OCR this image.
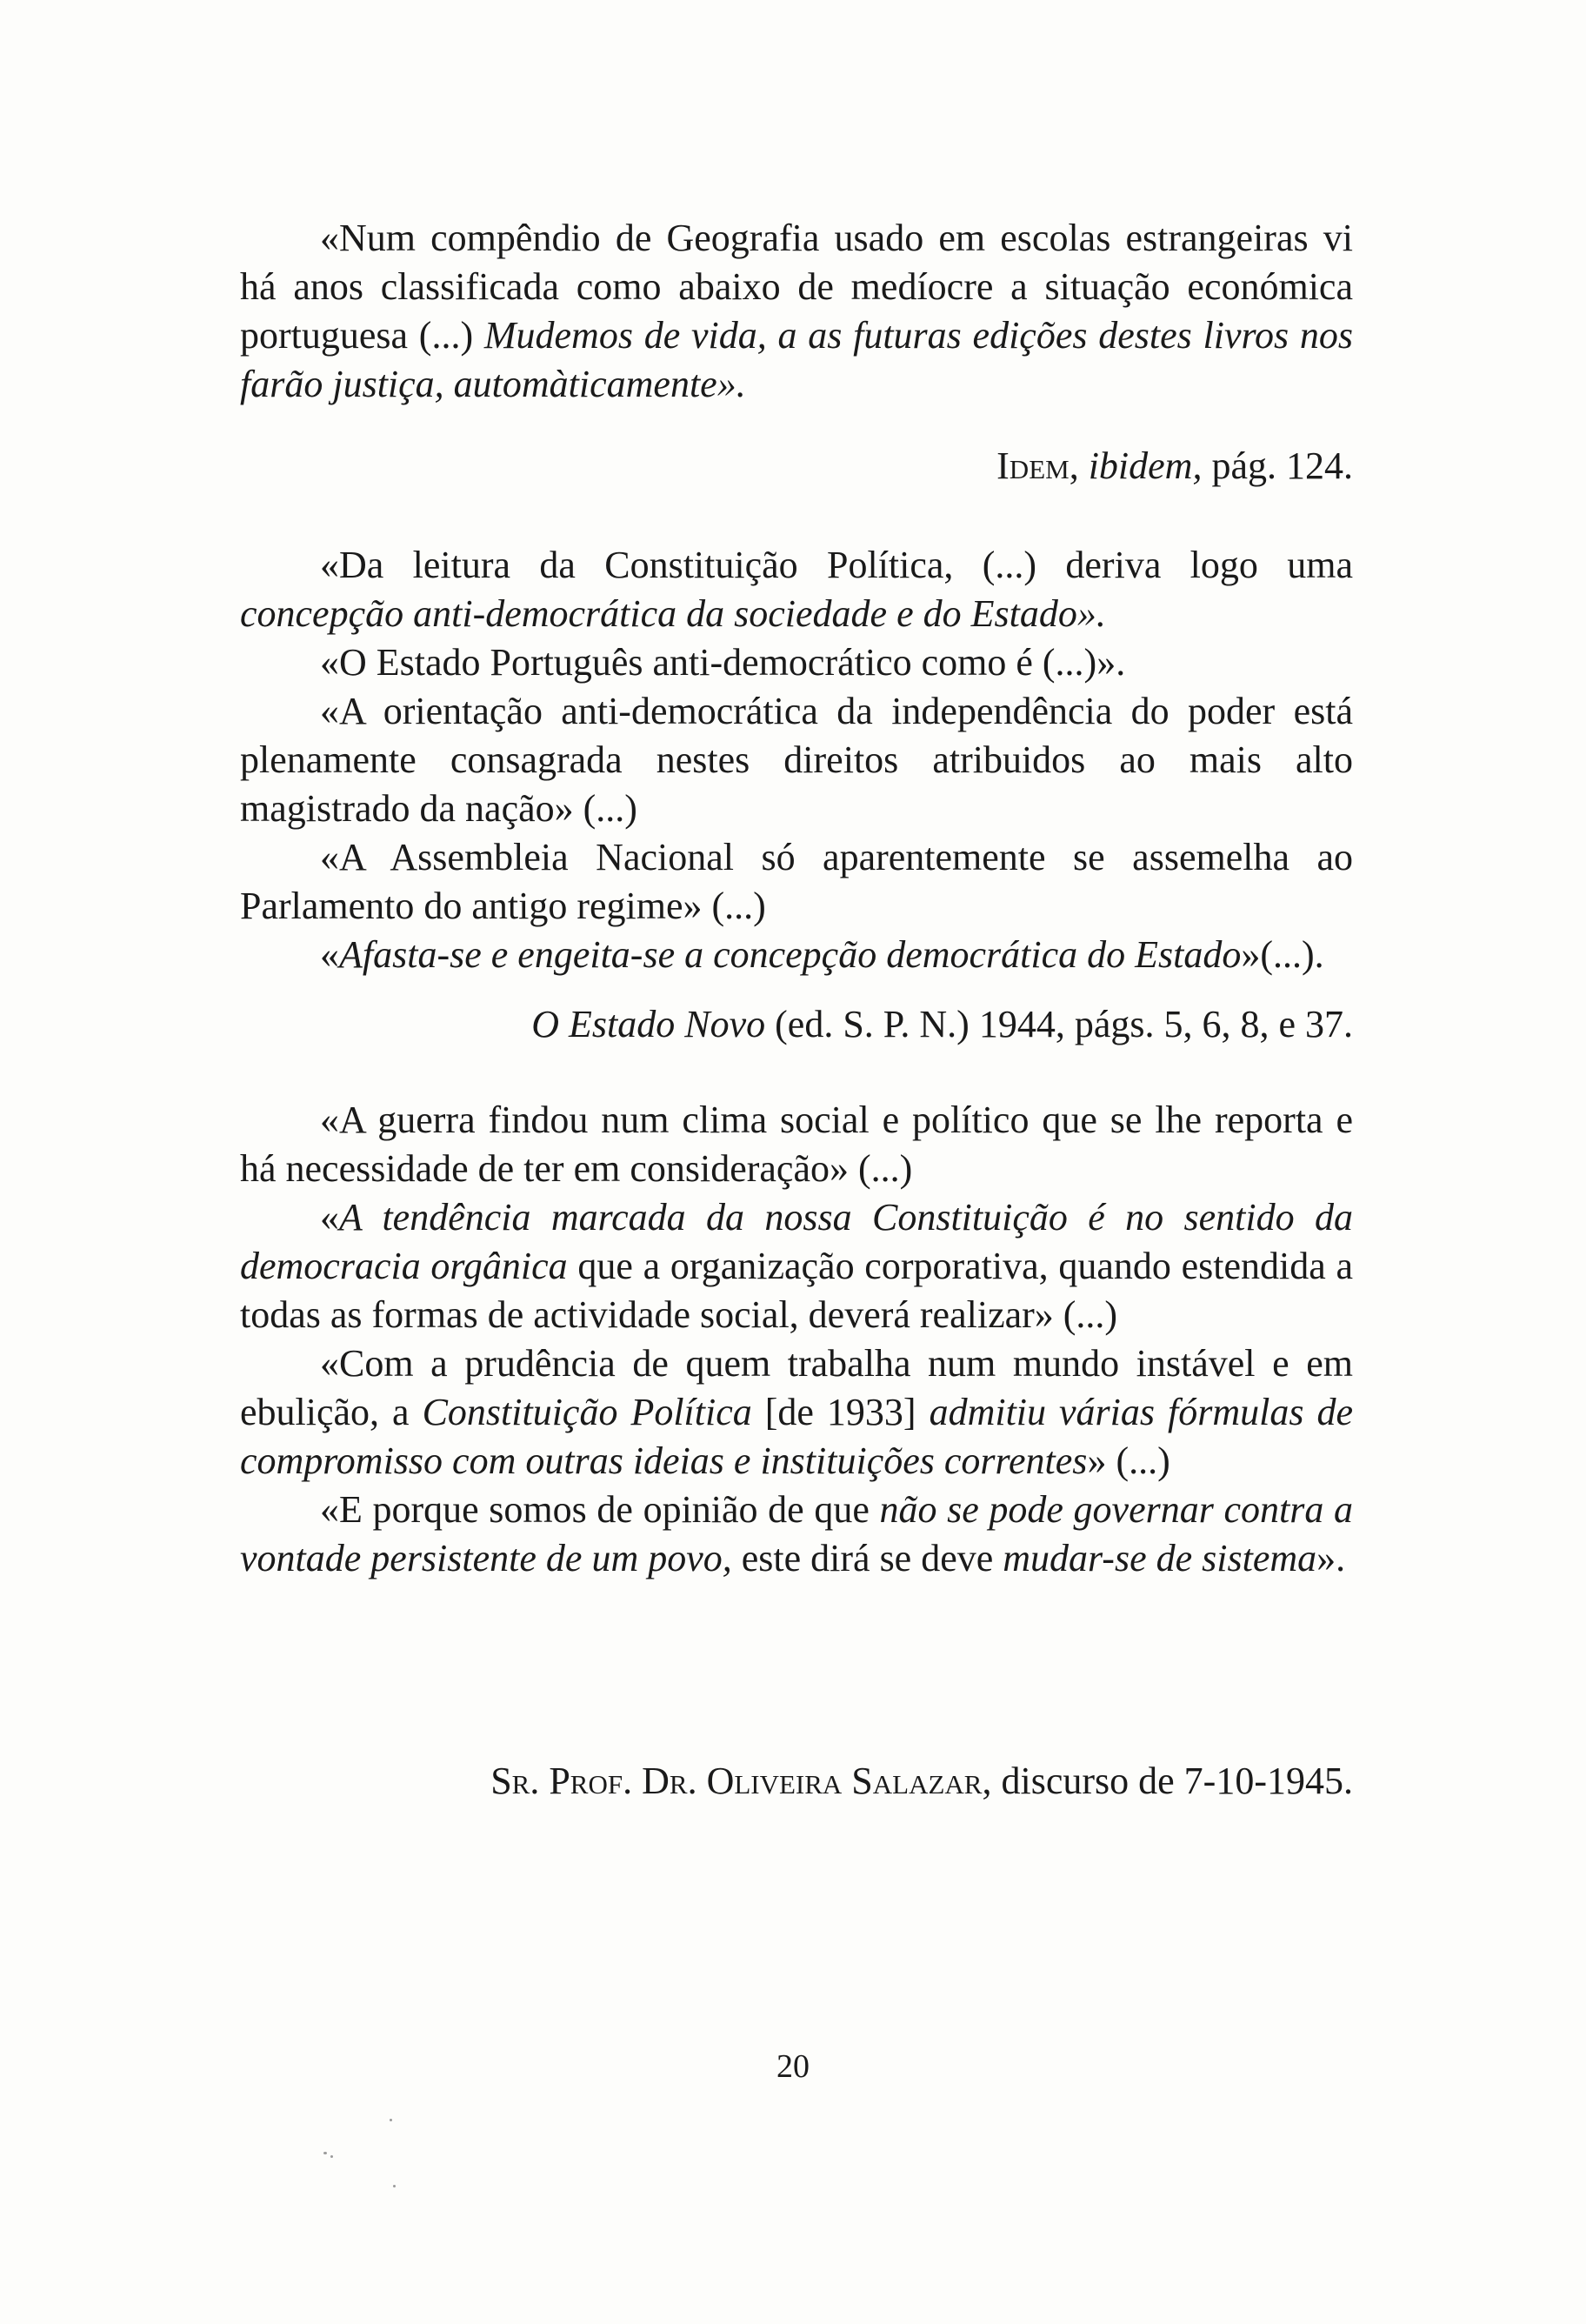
«Num compêndio de Geografia usado em escolas estrangeiras vi há anos classificada como abaixo de medíocre a situação económica portuguesa (...) Mudemos de vida, a as futuras edições destes livros nos farão justiça, automàticamente».

Idem, ibidem, pág. 124.

«Da leitura da Constituição Política, (...) deriva logo uma concepção anti-democrática da sociedade e do Estado».

«O Estado Português anti-democrático como é (...)».

«A orientação anti-democrática da independência do poder está plenamente consagrada nestes direitos atribuidos ao mais alto magistrado da nação» (...)

«A Assembleia Nacional só aparentemente se assemelha ao Parlamento do antigo regime» (...)

«Afasta-se e engeita-se a concepção democrática do Estado»(...).

O Estado Novo (ed. S. P. N.) 1944, págs. 5, 6, 8, e 37.

«A guerra findou num clima social e político que se lhe reporta e há necessidade de ter em consideração» (...)

«A tendência marcada da nossa Constituição é no sentido da democracia orgânica que a organização corporativa, quando estendida a todas as formas de actividade social, deverá realizar» (...)

«Com a prudência de quem trabalha num mundo instável e em ebulição, a Constituição Política [de 1933] admitiu várias fórmulas de compromisso com outras ideias e instituições correntes» (...)

«E porque somos de opinião de que não se pode governar contra a vontade persistente de um povo, este dirá se deve mudar-se de sistema».

Sr. Prof. Dr. Oliveira Salazar, discurso de 7-10-1945.
20
